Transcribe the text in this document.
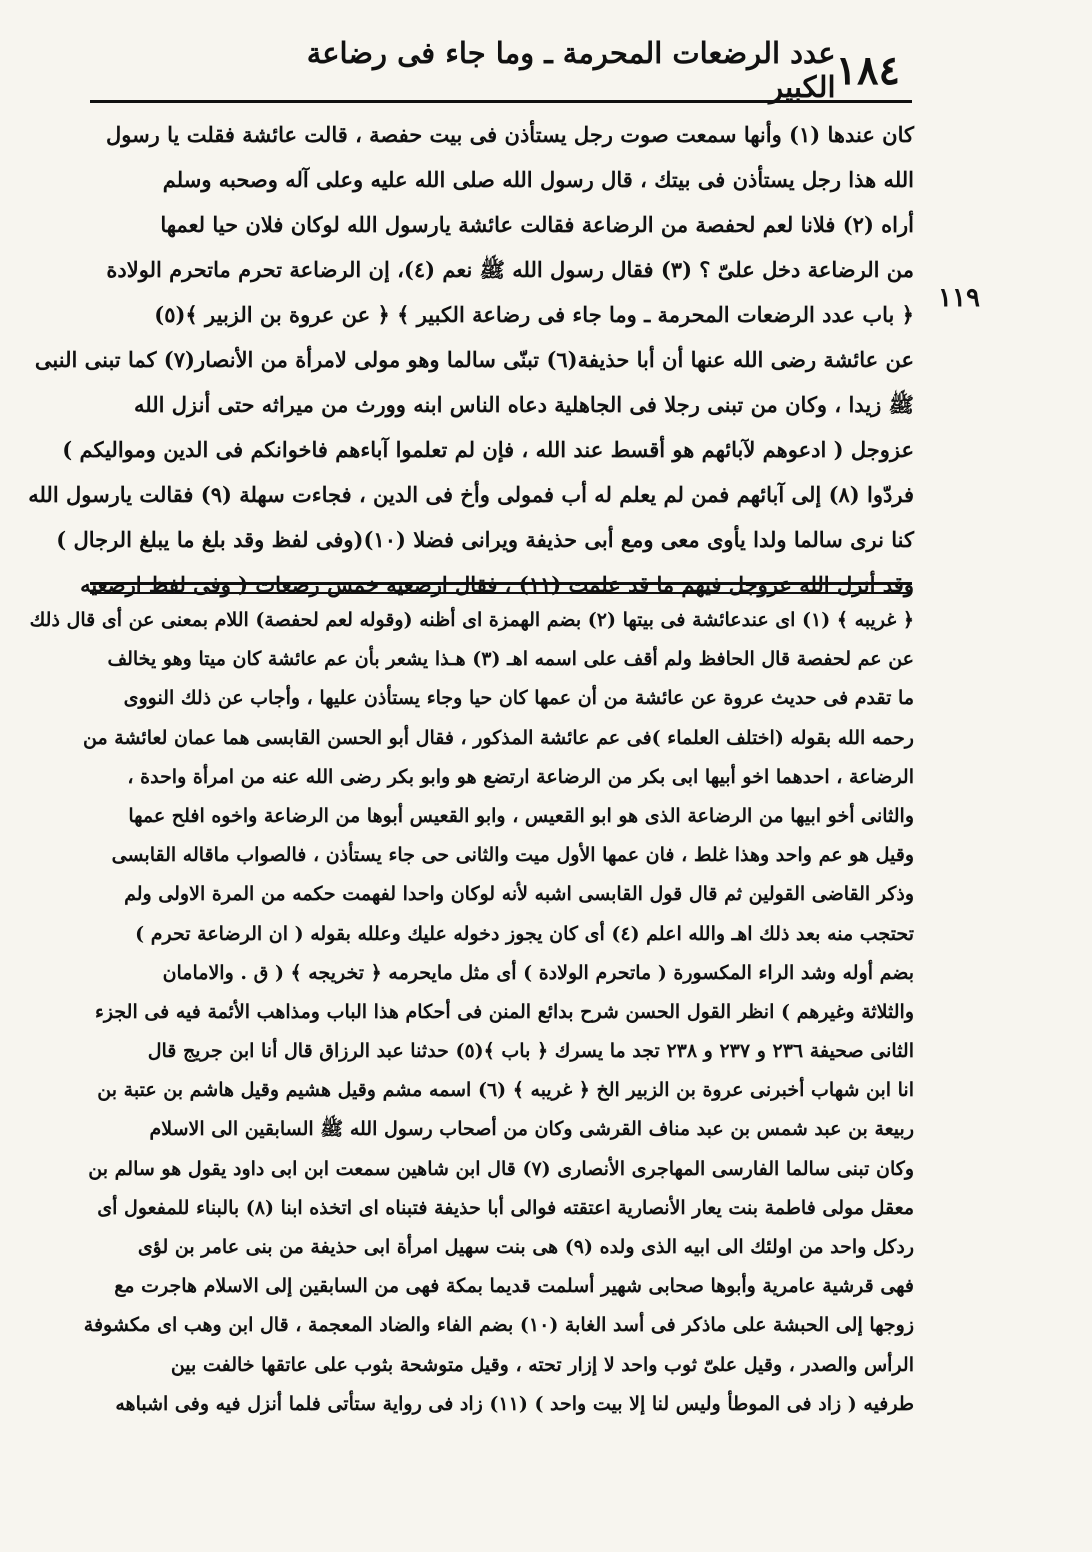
١٨٤
عدد الرضعات المحرمة ـ وما جاء فى رضاعة الكبير
١١٩
كان عندها (١) وأنها سمعت صوت رجل يستأذن فى بيت حفصة ، قالت عائشة فقلت يا رسول
الله هذا رجل يستأذن فى بيتك ، قال رسول الله صلى الله عليه وعلى آله وصحبه وسلم
أراه (٢) فلانا لعم لحفصة من الرضاعة فقالت عائشة يارسول الله لوكان فلان حيا لعمها
من الرضاعة دخل علىّ ؟ (٣) فقال رسول الله ﷺ نعم (٤)، إن الرضاعة تحرم ماتحرم الولادة
﴿ باب عدد الرضعات المحرمة ـ وما جاء فى رضاعة الكبير ﴾ ﴿ عن عروة بن الزبير ﴾(٥)
عن عائشة رضى الله عنها أن أبا حذيفة(٦) تبنّى سالما وهو مولى لامرأة من الأنصار(٧) كما تبنى النبى
ﷺ زيدا ، وكان من تبنى رجلا فى الجاهلية دعاه الناس ابنه وورث من ميراثه حتى أنزل الله
عزوجل ( ادعوهم لآبائهم هو أقسط عند الله ، فإن لم تعلموا آباءهم فاخوانكم فى الدين ومواليكم )
فردّوا (٨) إلى آبائهم فمن لم يعلم له أب فمولى وأخ فى الدين ، فجاءت سهلة (٩) فقالت يارسول الله
كنا نرى سالما ولدا يأوى معى ومع أبى حذيفة ويرانى فضلا (١٠)(وفى لفظ وقد بلغ ما يبلغ الرجال )
وقد أنزل الله عزوجل فيهم ما قد علمت (١١) ، فقال ارضعيه خمس رضعات ( وفى لفظ ارضعيه
﴿ غريبه ﴾ (١) اى عندعائشة فى بيتها (٢) بضم الهمزة اى أظنه (وقوله لعم لحفصة) اللام بمعنى عن أى قال ذلك
عن عم لحفصة قال الحافظ ولم أقف على اسمه اهـ (٣) هـذا يشعر بأن عم عائشة كان ميتا وهو يخالف
ما تقدم فى حديث عروة عن عائشة من أن عمها كان حيا وجاء يستأذن عليها ، وأجاب عن ذلك النووى
رحمه الله بقوله (اختلف العلماء )فى عم عائشة المذكور ، فقال أبو الحسن القابسى هما عمان لعائشة من
الرضاعة ، احدهما اخو أبيها ابى بكر من الرضاعة ارتضع هو وابو بكر رضى الله عنه من امرأة واحدة ،
والثانى أخو ابيها من الرضاعة الذى هو ابو القعيس ، وابو القعيس أبوها من الرضاعة واخوه افلح عمها
وقيل هو عم واحد وهذا غلط ، فان عمها الأول ميت والثانى حى جاء يستأذن ، فالصواب ماقاله القابسى
وذكر القاضى القولين ثم قال قول القابسى اشبه لأنه لوكان واحدا لفهمت حكمه من المرة الاولى ولم
تحتجب منه بعد ذلك اهـ والله اعلم (٤) أى كان يجوز دخوله عليك وعلله بقوله ( ان الرضاعة تحرم )
بضم أوله وشد الراء المكسورة ( ماتحرم الولادة ) أى مثل مايحرمه ﴿ تخريجه ﴾ ( ق . والامامان
والثلاثة وغيرهم ) انظر القول الحسن شرح بدائع المنن فى أحكام هذا الباب ومذاهب الأئمة فيه فى الجزء
الثانى صحيفة ٢٣٦ و ٢٣٧ و ٢٣٨ تجد ما يسرك ﴿ باب ﴾(٥) حدثنا عبد الرزاق قال أنا ابن جريج قال
انا ابن شهاب أخبرنى عروة بن الزبير الخ ﴿ غريبه ﴾ (٦) اسمه مشم وقيل هشيم وقيل هاشم بن عتبة بن
ربيعة بن عبد شمس بن عبد مناف القرشى وكان من أصحاب رسول الله ﷺ السابقين الى الاسلام
وكان تبنى سالما الفارسى المهاجرى الأنصارى (٧) قال ابن شاهين سمعت ابن ابى داود يقول هو سالم بن
معقل مولى فاطمة بنت يعار الأنصارية اعتقته فوالى أبا حذيفة فتبناه اى اتخذه ابنا (٨) بالبناء للمفعول أى
ردكل واحد من اولئك الى ابيه الذى ولده (٩) هى بنت سهيل امرأة ابى حذيفة من بنى عامر بن لؤى
فهى قرشية عامرية وأبوها صحابى شهير أسلمت قديما بمكة فهى من السابقين إلى الاسلام هاجرت مع
زوجها إلى الحبشة على ماذكر فى أسد الغابة (١٠) بضم الفاء والضاد المعجمة ، قال ابن وهب اى مكشوفة
الرأس والصدر ، وقيل علىّ ثوب واحد لا إزار تحته ، وقيل متوشحة بثوب على عاتقها خالفت بين
طرفيه ( زاد فى الموطأ وليس لنا إلا بيت واحد ) (١١) زاد فى رواية ستأتى فلما أنزل فيه وفى اشباهه
